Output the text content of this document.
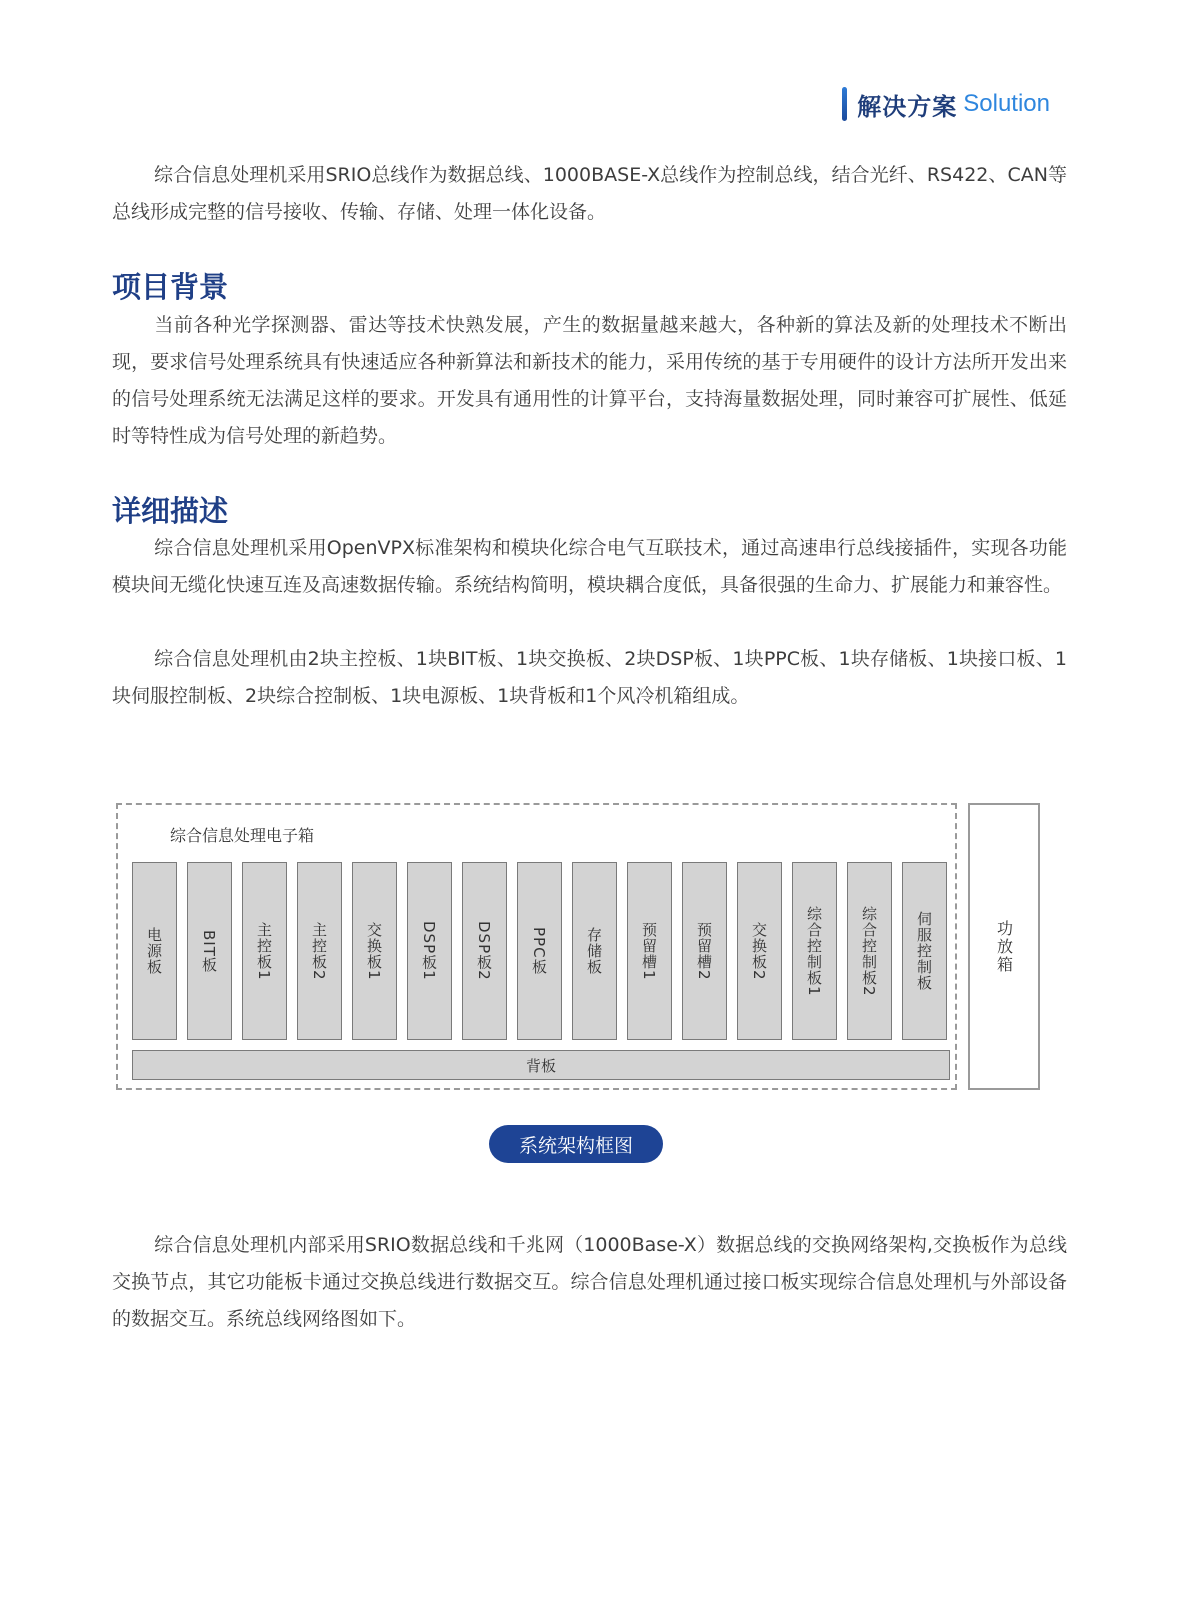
解决方案 Solution

综合信息处理机采用SRIO总线作为数据总线、1000BASE-X总线作为控制总线，结合光纤、RS422、CAN等总线形成完整的信号接收、传输、存储、处理一体化设备。

项目背景

当前各种光学探测器、雷达等技术快熟发展，产生的数据量越来越大，各种新的算法及新的处理技术不断出现，要求信号处理系统具有快速适应各种新算法和新技术的能力，采用传统的基于专用硬件的设计方法所开发出来的信号处理系统无法满足这样的要求。开发具有通用性的计算平台，支持海量数据处理，同时兼容可扩展性、低延时等特性成为信号处理的新趋势。

详细描述

综合信息处理机采用OpenVPX标准架构和模块化综合电气互联技术，通过高速串行总线接插件，实现各功能模块间无缆化快速互连及高速数据传输。系统结构简明，模块耦合度低，具备很强的生命力、扩展能力和兼容性。

综合信息处理机由2块主控板、1块BIT板、1块交换板、2块DSP板、1块PPC板、1块存储板、1块接口板、1块伺服控制板、2块综合控制板、1块电源板、1块背板和1个风冷机箱组成。

综合信息处理电子箱
电源板 BIT板 主控板1 主控板2 交换板1 DSP板1 DSP板2 PPC板 存储板 预留槽1 预留槽2 交换板2 综合控制板1 综合控制板2 伺服控制板
背板
功放箱
系统架构框图

综合信息处理机内部采用SRIO数据总线和千兆网（1000Base-X）数据总线的交换网络架构,交换板作为总线交换节点，其它功能板卡通过交换总线进行数据交互。综合信息处理机通过接口板实现综合信息处理机与外部设备的数据交互。系统总线网络图如下。
